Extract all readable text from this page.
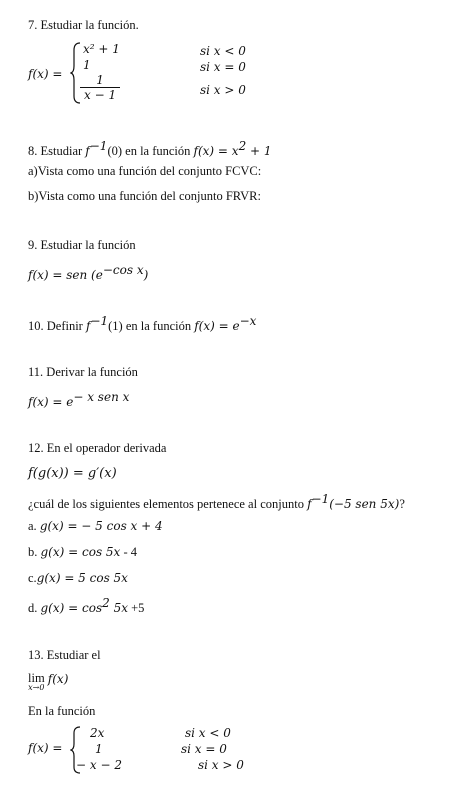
7. Estudiar la función.
f(x) =
x² + 1	si x < 0
1	si x = 0
$\frac{1}{x - 1}$	si x > 0
8. Estudiar $f^{-1}(0)$ en la función $f(x) = x^2 + 1$
a)Vista como una función del conjunto FCVC:
b)Vista como una función del conjunto FRVR:
9. Estudiar la función
f(x) = sen $(e^{-cos x})$
10. Definir $f^{-1}(1)$ en la función $f(x) = e^{-x}$
11. Derivar la función
$f(x) = e^{- x sen x}$
12. En el operador derivada
f(g(x)) = g′(x)
¿cuál de los siguientes elementos pertenece al conjunto $f^{-1}(-5$ sen 5x)?
a. g(x) = − 5 cos x + 4
b. g(x) = cos 5x - 4
c.g(x) = 5 cos 5x
d. $g(x) = \cos^2 5x +5$
13. Estudiar el
lim
x→0
f(x)
En la función
f(x) =
2x	si x < 0
1	si x = 0
− x − 2	si x > 0
